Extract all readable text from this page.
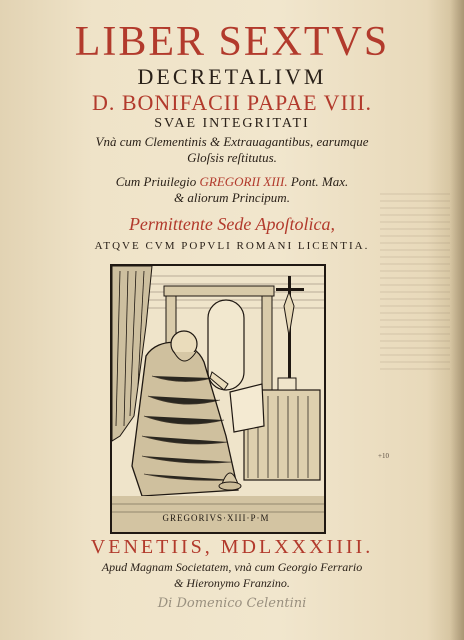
LIBER SEXTVS
DECRETALIVM
D. BONIFACII PAPAE VIII.
SVAE INTEGRITATI
Vnà cum Clementinis & Extrauagantibus, earumque
Gloſsis reſtitutus.
Cum Priuilegio GREGORII XIII. Pont. Max.
& aliorum Principum.
Permittente Sede Apoſtolica,
ATQVE CVM POPVLI ROMANI LICENTIA.
GREGORIVS·XIII·P·M
+10
VENETIIS, MDLXXXIIII.
Apud Magnam Societatem, vnà cum Georgio Ferrario
& Hieronymo Franzino.
Di Domenico Celentini
